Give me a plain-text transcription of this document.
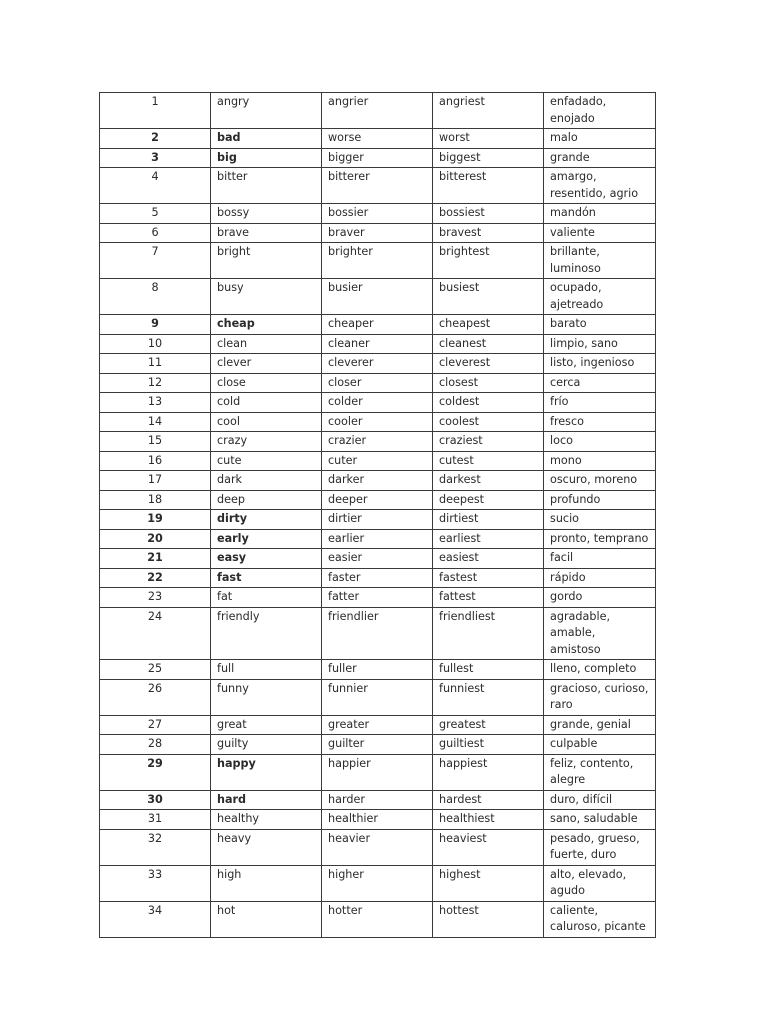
1	angry	angrier	angriest	enfadado, enojado
2	bad	worse	worst	malo
3	big	bigger	biggest	grande
4	bitter	bitterer	bitterest	amargo, resentido, agrio
5	bossy	bossier	bossiest	mandón
6	brave	braver	bravest	valiente
7	bright	brighter	brightest	brillante, luminoso
8	busy	busier	busiest	ocupado, ajetreado
9	cheap	cheaper	cheapest	barato
10	clean	cleaner	cleanest	limpio, sano
11	clever	cleverer	cleverest	listo, ingenioso
12	close	closer	closest	cerca
13	cold	colder	coldest	frío
14	cool	cooler	coolest	fresco
15	crazy	crazier	craziest	loco
16	cute	cuter	cutest	mono
17	dark	darker	darkest	oscuro, moreno
18	deep	deeper	deepest	profundo
19	dirty	dirtier	dirtiest	sucio
20	early	earlier	earliest	pronto, temprano
21	easy	easier	easiest	facil
22	fast	faster	fastest	rápido
23	fat	fatter	fattest	gordo
24	friendly	friendlier	friendliest	agradable, amable, amistoso
25	full	fuller	fullest	lleno, completo
26	funny	funnier	funniest	gracioso, curioso, raro
27	great	greater	greatest	grande, genial
28	guilty	guilter	guiltiest	culpable
29	happy	happier	happiest	feliz, contento, alegre
30	hard	harder	hardest	duro, difícil
31	healthy	healthier	healthiest	sano, saludable
32	heavy	heavier	heaviest	pesado, grueso, fuerte, duro
33	high	higher	highest	alto, elevado, agudo
34	hot	hotter	hottest	caliente, caluroso, picante
